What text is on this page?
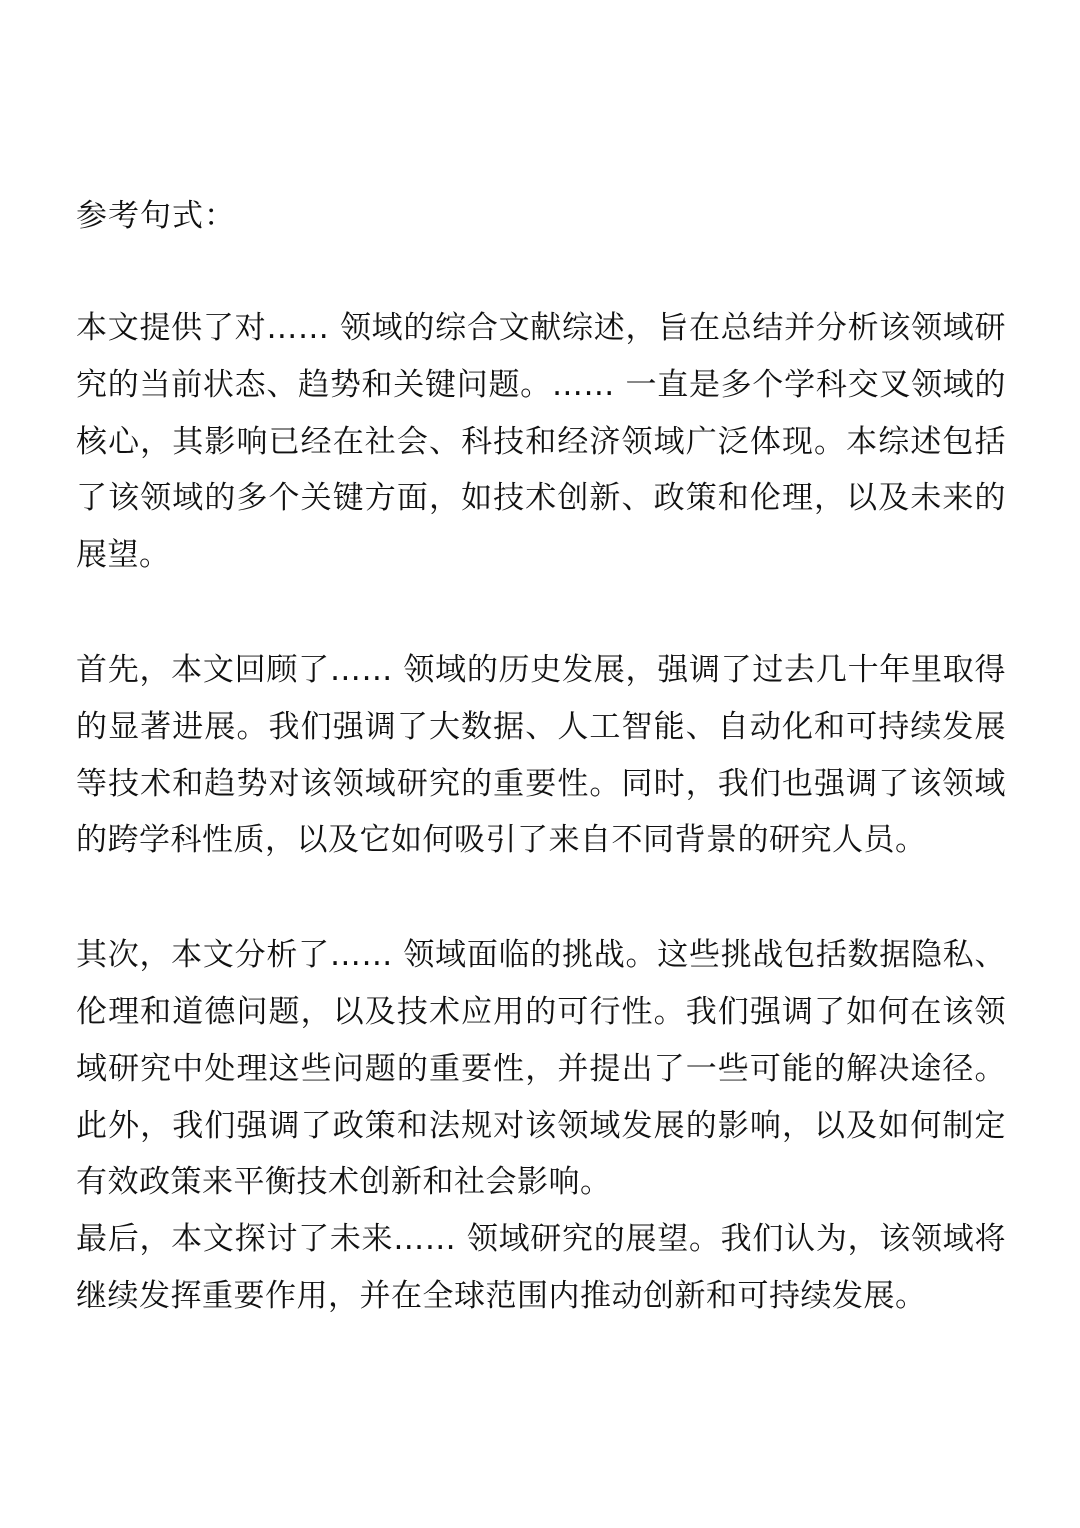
参考句式：

本文提供了对…… 领域的综合文献综述，旨在总结并分析该领域研究的当前状态、趋势和关键问题。…… 一直是多个学科交叉领域的核心，其影响已经在社会、科技和经济领域广泛体现。本综述包括了该领域的多个关键方面，如技术创新、政策和伦理，以及未来的展望。

首先，本文回顾了…… 领域的历史发展，强调了过去几十年里取得的显著进展。我们强调了大数据、人工智能、自动化和可持续发展等技术和趋势对该领域研究的重要性。同时，我们也强调了该领域的跨学科性质，以及它如何吸引了来自不同背景的研究人员。

其次，本文分析了…… 领域面临的挑战。这些挑战包括数据隐私、伦理和道德问题，以及技术应用的可行性。我们强调了如何在该领域研究中处理这些问题的重要性，并提出了一些可能的解决途径。此外，我们强调了政策和法规对该领域发展的影响，以及如何制定有效政策来平衡技术创新和社会影响。

最后，本文探讨了未来…… 领域研究的展望。我们认为，该领域将继续发挥重要作用，并在全球范围内推动创新和可持续发展。
